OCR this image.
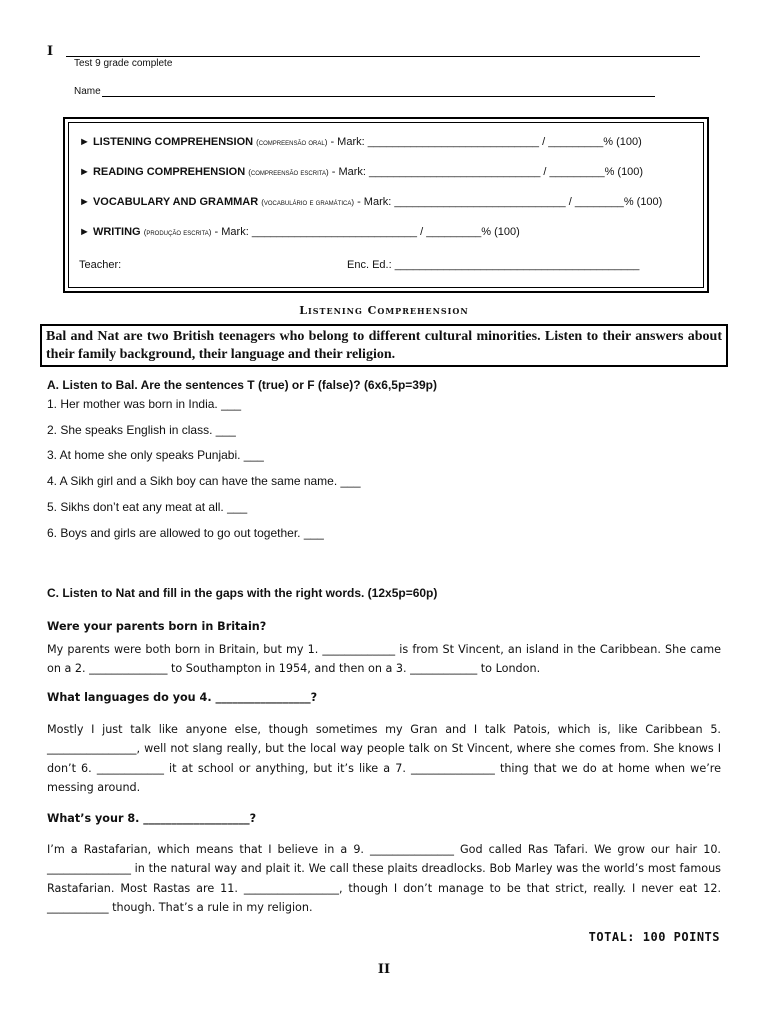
I
Test 9 grade complete
Name
► LISTENING COMPREHENSION (compreensão oral) - Mark: ____________________________ / _________% (100)
► READING COMPREHENSION (compreensão escrita) - Mark: ____________________________ / _________% (100)
► VOCABULARY AND GRAMMAR (vocabulário e gramática) - Mark: ____________________________ / ________% (100)
► WRITING (produção escrita) - Mark: ___________________________ / _________% (100)
Teacher:	Enc. Ed.: ________________________________________
Listening Comprehension
Bal and Nat are two British teenagers who belong to different cultural minorities. Listen to their answers about their family background, their language and their religion.
A. Listen to Bal. Are the sentences T (true) or F (false)? (6x6,5p=39p)
1. Her mother was born in India. ___
2. She speaks English in class. ___
3. At home she only speaks Punjabi. ___
4. A Sikh girl and a Sikh boy can have the same name. ___
5. Sikhs don’t eat any meat at all. ___
6. Boys and girls are allowed to go out together. ___
C. Listen to Nat and fill in the gaps with the right words. (12x5p=60p)
Were your parents born in Britain?
My parents were both born in Britain, but my 1. _____________ is from St Vincent, an island in the Caribbean. She came on a 2. ______________ to Southampton in 1954, and then on a 3. ____________ to London.
What languages do you 4. _________________?
Mostly I just talk like anyone else, though sometimes my Gran and I talk Patois, which is, like Caribbean 5. ________________, well not slang really, but the local way people talk on St Vincent, where she comes from. She knows I don’t 6. ____________ it at school or anything, but it’s like a 7. _______________ thing that we do at home when we’re messing around.
What’s your 8. ___________________?
I’m a Rastafarian, which means that I believe in a 9. _______________ God called Ras Tafari. We grow our hair 10. _______________ in the natural way and plait it. We call these plaits dreadlocks. Bob Marley was the world’s most famous Rastafarian. Most Rastas are 11. _________________, though I don’t manage to be that strict, really. I never eat 12. ___________ though. That’s a rule in my religion.
TOTAL: 100 POINTS
II
